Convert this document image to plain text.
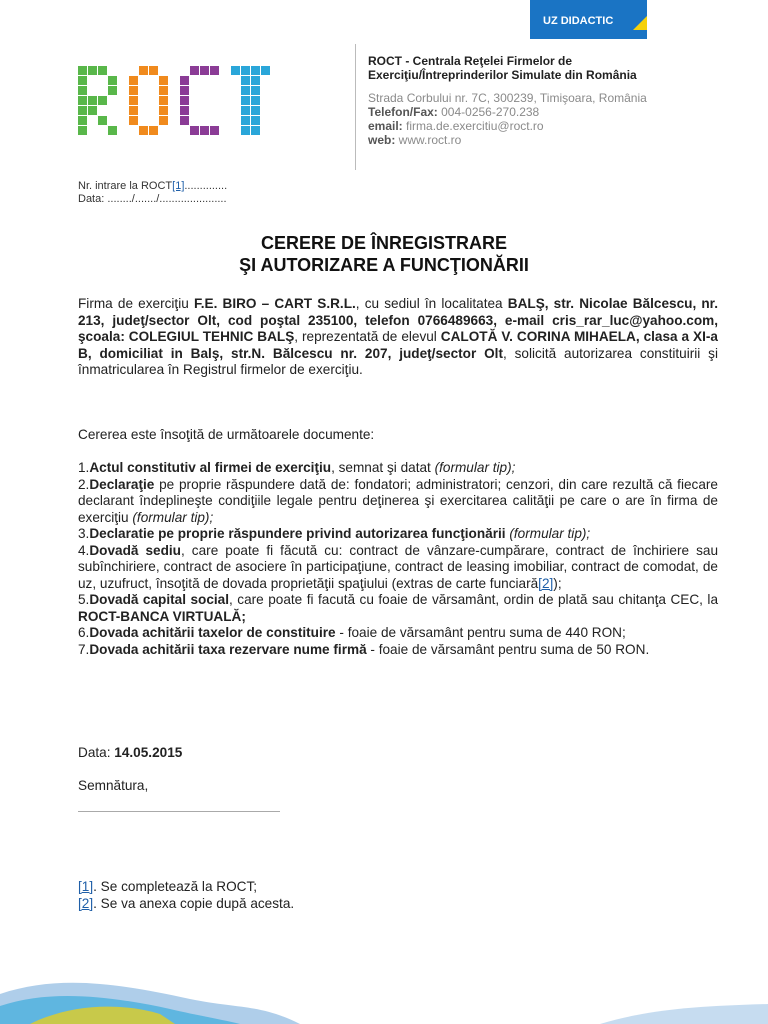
UZ DIDACTIC
ROCT - Centrala Reţelei Firmelor de
Exerciţiu/Întreprinderilor Simulate din România
Strada Corbului nr. 7C, 300239, Timişoara, România
Telefon/Fax: 004-0256-270.238
email: firma.de.exercitiu@roct.ro
web: www.roct.ro
Nr. intrare la ROCT[1]..............
Data: ......../......./......................
CERERE DE ÎNREGISTRARE
ŞI AUTORIZARE A FUNCŢIONĂRII
Firma de exerciţiu F.E. BIRO – CART S.R.L., cu sediul în localitatea BALŞ, str. Nicolae Bălcescu, nr. 213, judeţ/sector Olt, cod poştal 235100, telefon 0766489663, e-mail cris_rar_luc@yahoo.com, şcoala: COLEGIUL TEHNIC BALŞ, reprezentată de elevul CALOTĂ V. CORINA MIHAELA, clasa a XI-a B, domiciliat in Balş, str.N. Bălcescu nr. 207, judeţ/sector Olt, solicită autorizarea constituirii şi înmatricularea în Registrul firmelor de exerciţiu.
Cererea este însoţită de următoarele documente:

1.Actul constitutiv al firmei de exerciţiu, semnat şi datat (formular tip);

2.Declaraţie pe proprie răspundere dată de: fondatori; administratori; cenzori, din care rezultă că fiecare declarant îndeplineşte condiţiile legale pentru deţinerea şi exercitarea calităţii pe care o are în firma de exerciţiu (formular tip);

3.Declaratie pe proprie răspundere privind autorizarea funcţionării (formular tip);

4.Dovadă sediu, care poate fi făcută cu: contract de vânzare-cumpărare, contract de închiriere sau subînchiriere, contract de asociere în participaţiune, contract de leasing imobiliar, contract de comodat, de uz, uzufruct, însoţită de dovada proprietăţii spaţiului (extras de carte funciară[2]);

5.Dovadă capital social, care poate fi facută cu foaie de vărsamânt, ordin de plată sau chitanţa CEC, la ROCT-BANCA VIRTUALĂ;

6.Dovada achitării taxelor de constituire - foaie de vărsamânt pentru suma de 440 RON;

7.Dovada achitării taxa rezervare nume firmă - foaie de vărsamânt pentru suma de 50 RON.

Data: 14.05.2015
Semnătura,

[1]. Se completează la ROCT;

[2]. Se va anexa copie după acesta.
